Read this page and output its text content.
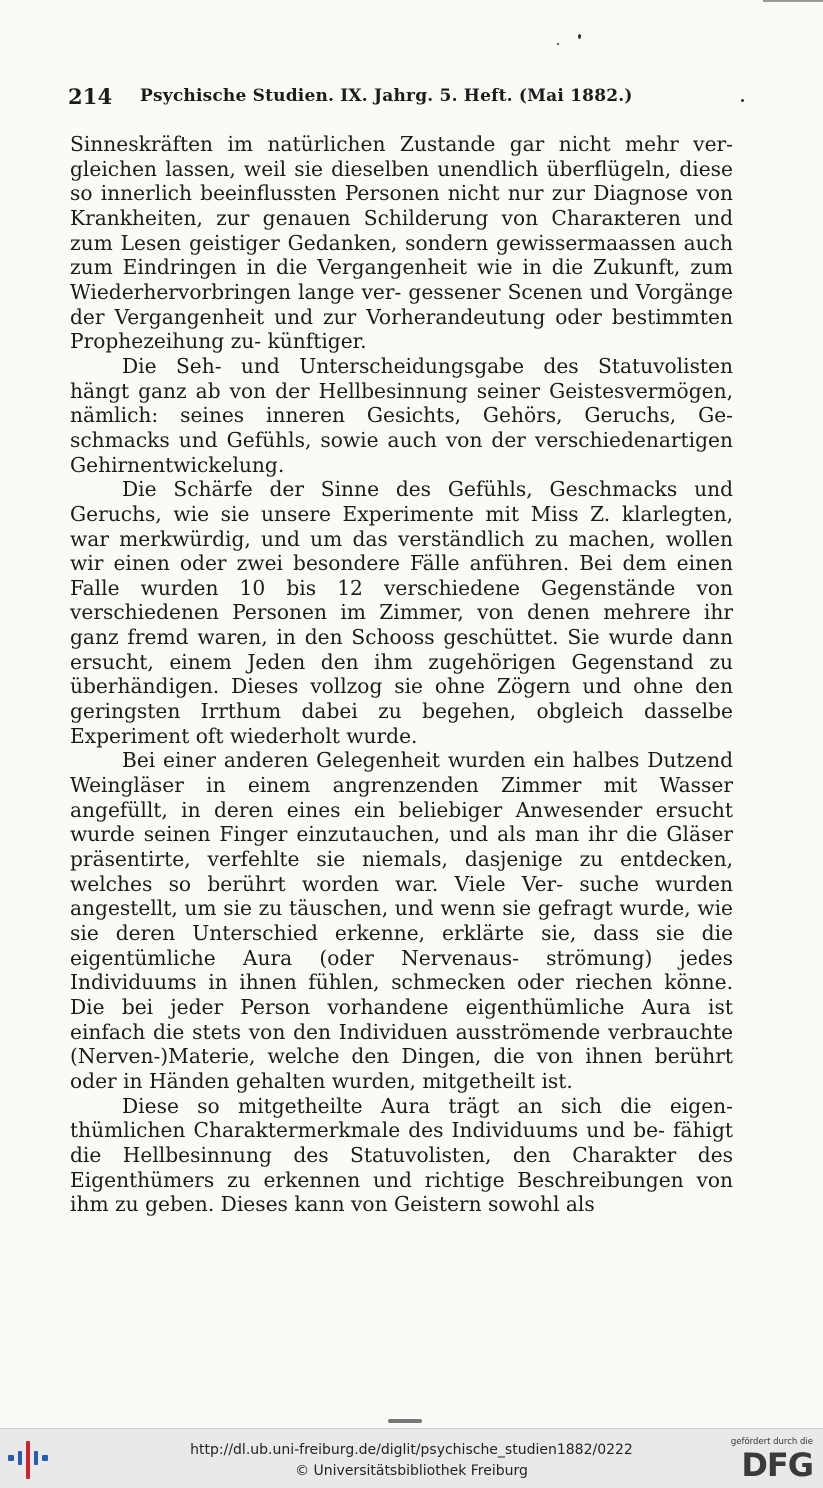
214 Psychische Studien. IX. Jahrg. 5. Heft. (Mai 1882.)

Sinneskräften im natürlichen Zustande gar nicht mehr ver- gleichen lassen, weil sie dieselben unendlich überflügeln, diese so innerlich beeinflussten Personen nicht nur zur Diagnose von Krankheiten, zur genauen Schilderung von Charaкteren und zum Lesen geistiger Gedanken, sondern gewissermaassen auch zum Eindringen in die Vergangenheit wie in die Zukunft, zum Wiederhervorbringen lange ver- gessener Scenen und Vorgänge der Vergangenheit und zur Vorherandeutung oder bestimmten Prophezeihung zu- künftiger.

Die Seh- und Unterscheidungsgabe des Statuvolisten hängt ganz ab von der Hellbesinnung seiner Geistesvermögen, nämlich: seines inneren Gesichts, Gehörs, Geruchs, Ge- schmacks und Gefühls, sowie auch von der verschiedenartigen Gehirnentwickelung.

Die Schärfe der Sinne des Gefühls, Geschmacks und Geruchs, wie sie unsere Experimente mit Miss Z. klarlegten, war merkwürdig, und um das verständlich zu machen, wollen wir einen oder zwei besondere Fälle anführen. Bei dem einen Falle wurden 10 bis 12 verschiedene Gegenstände von verschiedenen Personen im Zimmer, von denen mehrere ihr ganz fremd waren, in den Schooss geschüttet. Sie wurde dann ersucht, einem Jeden den ihm zugehörigen Gegenstand zu überhändigen. Dieses vollzog sie ohne Zögern und ohne den geringsten Irrthum dabei zu begehen, obgleich dasselbe Experiment oft wiederholt wurde.

Bei einer anderen Gelegenheit wurden ein halbes Dutzend Weingläser in einem angrenzenden Zimmer mit Wasser angefüllt, in deren eines ein beliebiger Anwesender ersucht wurde seinen Finger einzutauchen, und als man ihr die Gläser präsentirte, verfehlte sie niemals, dasjenige zu entdecken, welches so berührt worden war. Viele Ver- suche wurden angestellt, um sie zu täuschen, und wenn sie gefragt wurde, wie sie deren Unterschied erkenne, erklärte sie, dass sie die eigentümliche Aura (oder Nervenaus- strömung) jedes Individuums in ihnen fühlen, schmecken oder riechen könne. Die bei jeder Person vorhandene eigenthümliche Aura ist einfach die stets von den Individuen ausströmende verbrauchte (Nerven-)Materie, welche den Dingen, die von ihnen berührt oder in Händen gehalten wurden, mitgetheilt ist.

Diese so mitgetheilte Aura trägt an sich die eigen- thümlichen Charaktermerkmale des Individuums und be- fähigt die Hellbesinnung des Statuvolisten, den Charakter des Eigenthümers zu erkennen und richtige Beschreibungen von ihm zu geben. Dieses kann von Geistern sowohl als

http://dl.ub.uni-freiburg.de/diglit/psychische_studien1882/0222
© Universitätsbibliothek Freiburg
gefördert durch die
DFG
